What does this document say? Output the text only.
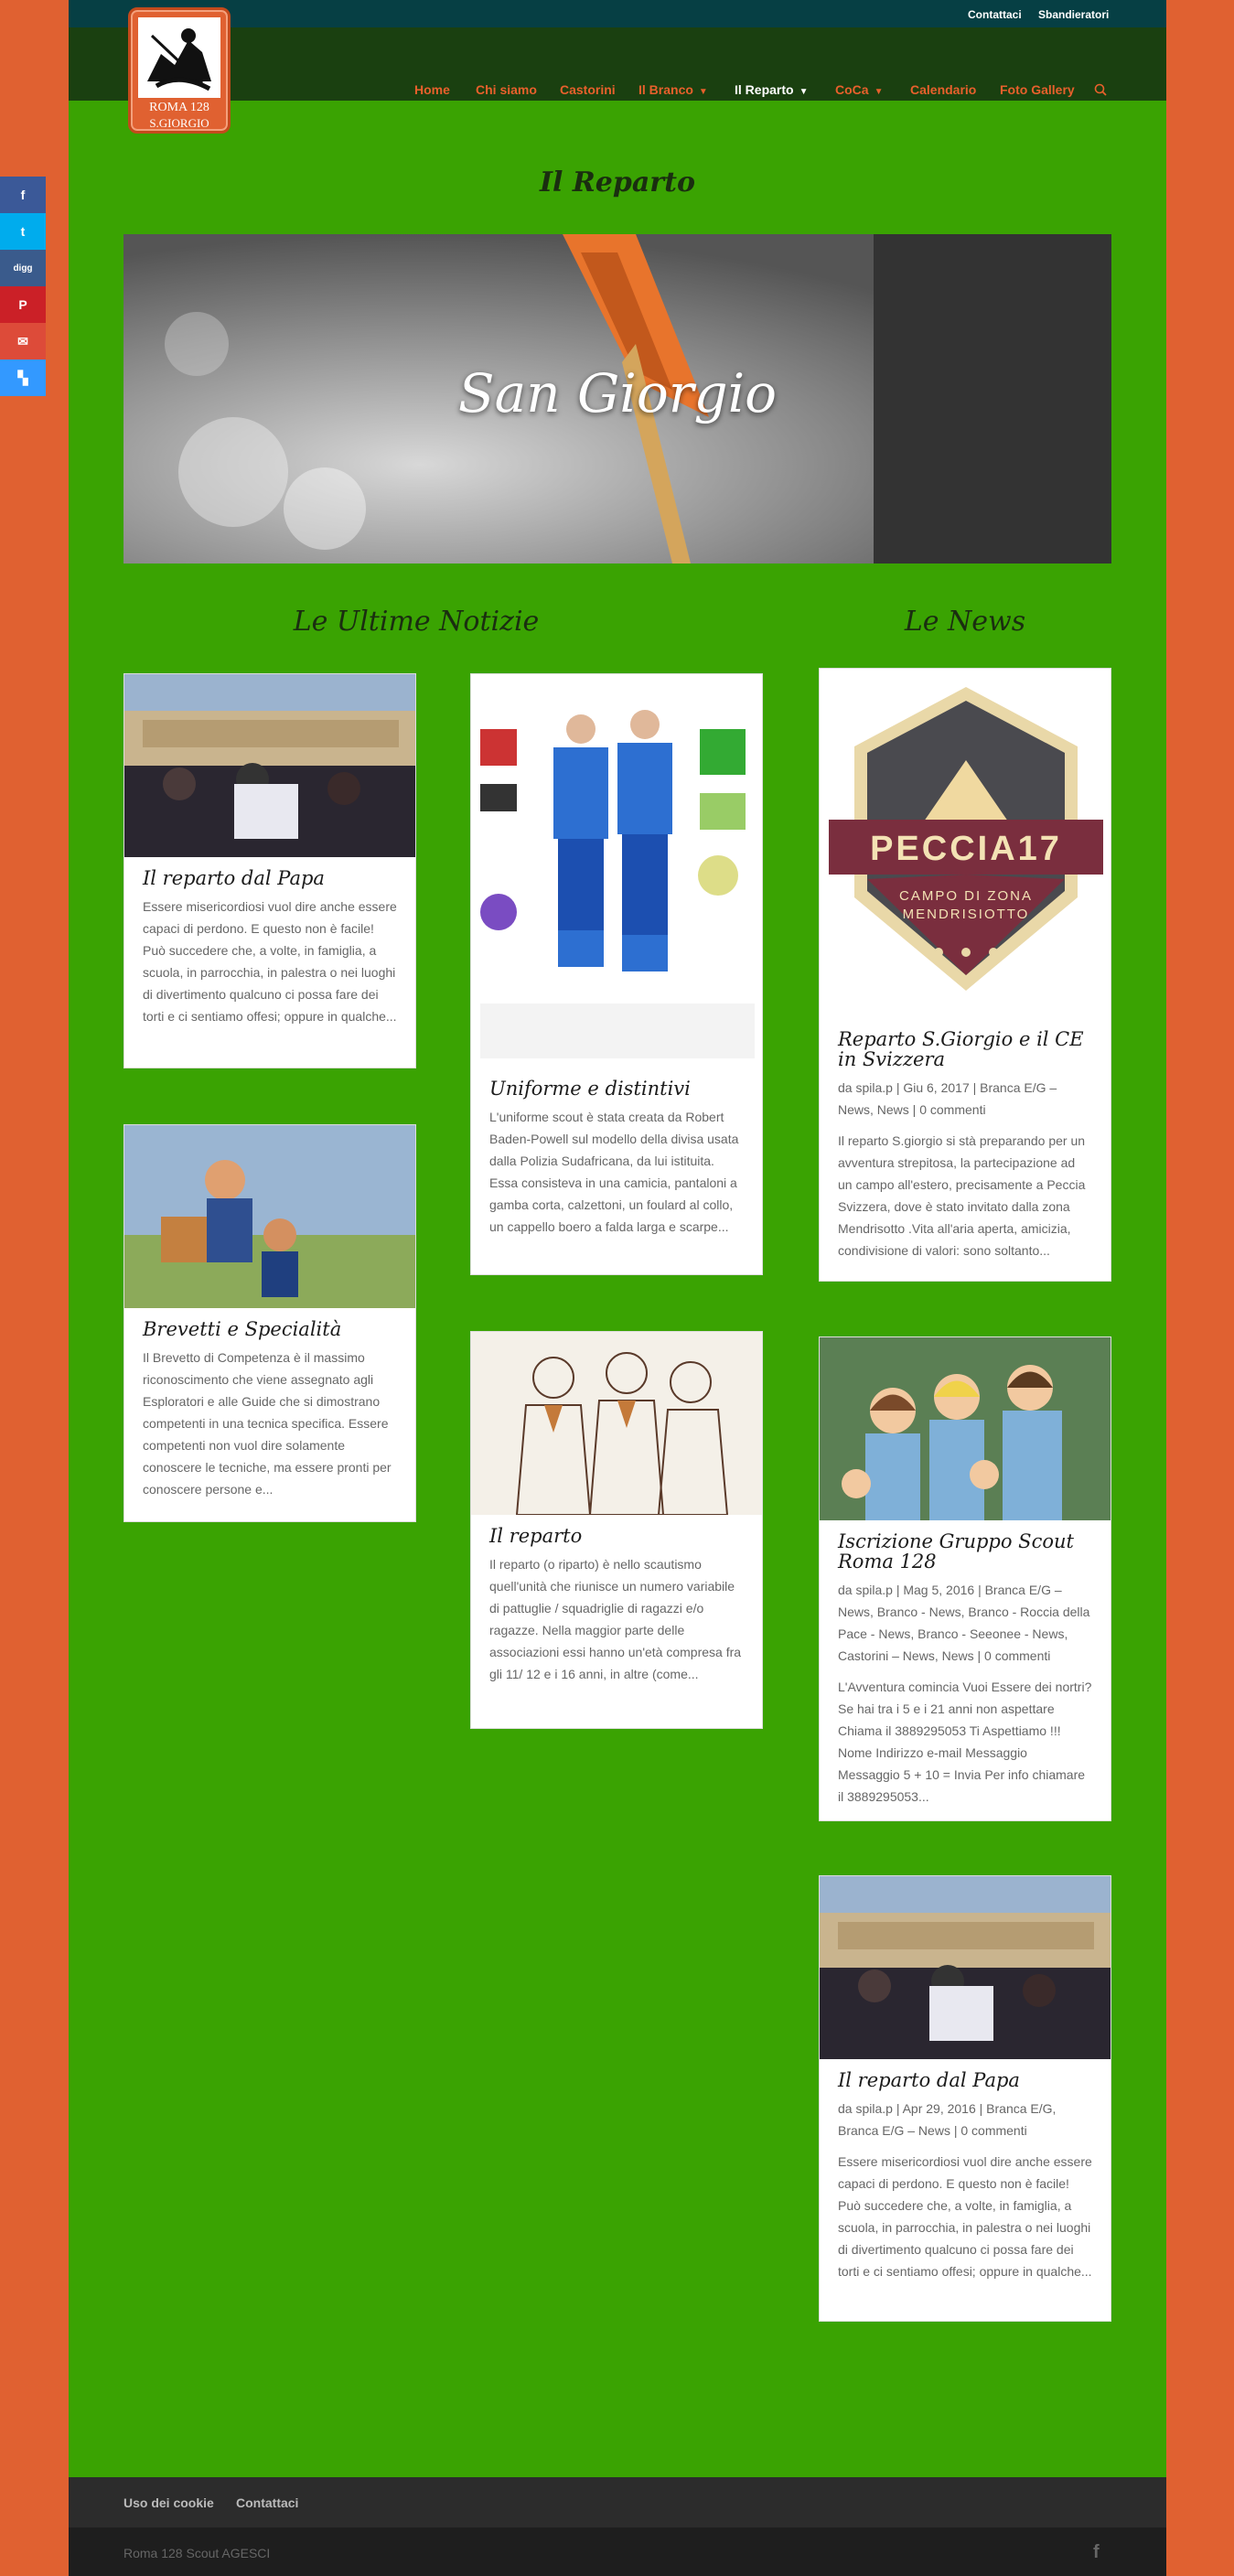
f
t
digg
P
✉
▚
Contattaci Sbandieratori
Home Chi siamo Castorini Il Branco ▼ Il Reparto ▼ CoCa ▼ Calendario Foto Gallery
ROMA 128
S.GIORGIO
Il Reparto
San Giorgio
Le Ultime Notizie	Le News
Il reparto dal Papa

Essere misericordiosi vuol dire anche essere capaci di perdono. E questo non è facile! Può succedere che, a volte, in famiglia, a scuola, in parrocchia, in palestra o nei luoghi di divertimento qualcuno ci possa fare dei torti e ci sentiamo offesi; oppure in qualche...

Uniforme e distintivi

L'uniforme scout è stata creata da Robert Baden-Powell sul modello della divisa usata dalla Polizia Sudafricana, da lui istituita. Essa consisteva in una camicia, pantaloni a gamba corta, calzettoni, un foulard al collo, un cappello boero a falda larga e scarpe...

Brevetti e Specialità

Il Brevetto di Competenza è il massimo riconoscimento che viene assegnato agli Esploratori e alle Guide che si dimostrano competenti in una tecnica specifica. Essere competenti non vuol dire solamente conoscere le tecniche, ma essere pronti per conoscere persone e...

Il reparto

Il reparto (o riparto) è nello scautismo quell'unità che riunisce un numero variabile di pattuglie / squadriglie di ragazzi e/o ragazze. Nella maggior parte delle associazioni essi hanno un'età compresa fra gli 11/ 12 e i 16 anni, in altre (come...

PECCIA17
CAMPO DI ZONA
MENDRISIOTTO
Reparto S.Giorgio e il CE in Svizzera
da spila.p | Giu 6, 2017 | Branca E/G – News, News | 0 commenti

Il reparto S.giorgio si stà preparando per un avventura strepitosa, la partecipazione ad un campo all'estero, precisamente a Peccia Svizzera, dove è stato invitato dalla zona Mendrisotto .Vita all'aria aperta, amicizia, condivisione di valori: sono soltanto...

Iscrizione Gruppo Scout Roma 128
da spila.p | Mag 5, 2016 | Branca E/G – News, Branco - News, Branco - Roccia della Pace - News, Branco - Seeonee - News, Castorini – News, News | 0 commenti

L'Avventura comincia Vuoi Essere dei nortri? Se hai tra i 5 e i 21 anni non aspettare Chiama il 3889295053 Ti Aspettiamo !!! Nome Indirizzo e-mail Messaggio Messaggio 5 + 10 = Invia Per info chiamare il 3889295053...

Il reparto dal Papa
da spila.p | Apr 29, 2016 | Branca E/G, Branca E/G – News | 0 commenti

Essere misericordiosi vuol dire anche essere capaci di perdono. E questo non è facile! Può succedere che, a volte, in famiglia, a scuola, in parrocchia, in palestra o nei luoghi di divertimento qualcuno ci possa fare dei torti e ci sentiamo offesi; oppure in qualche...

Uso dei cookie Contattaci
Roma 128 Scout AGESCI	f
